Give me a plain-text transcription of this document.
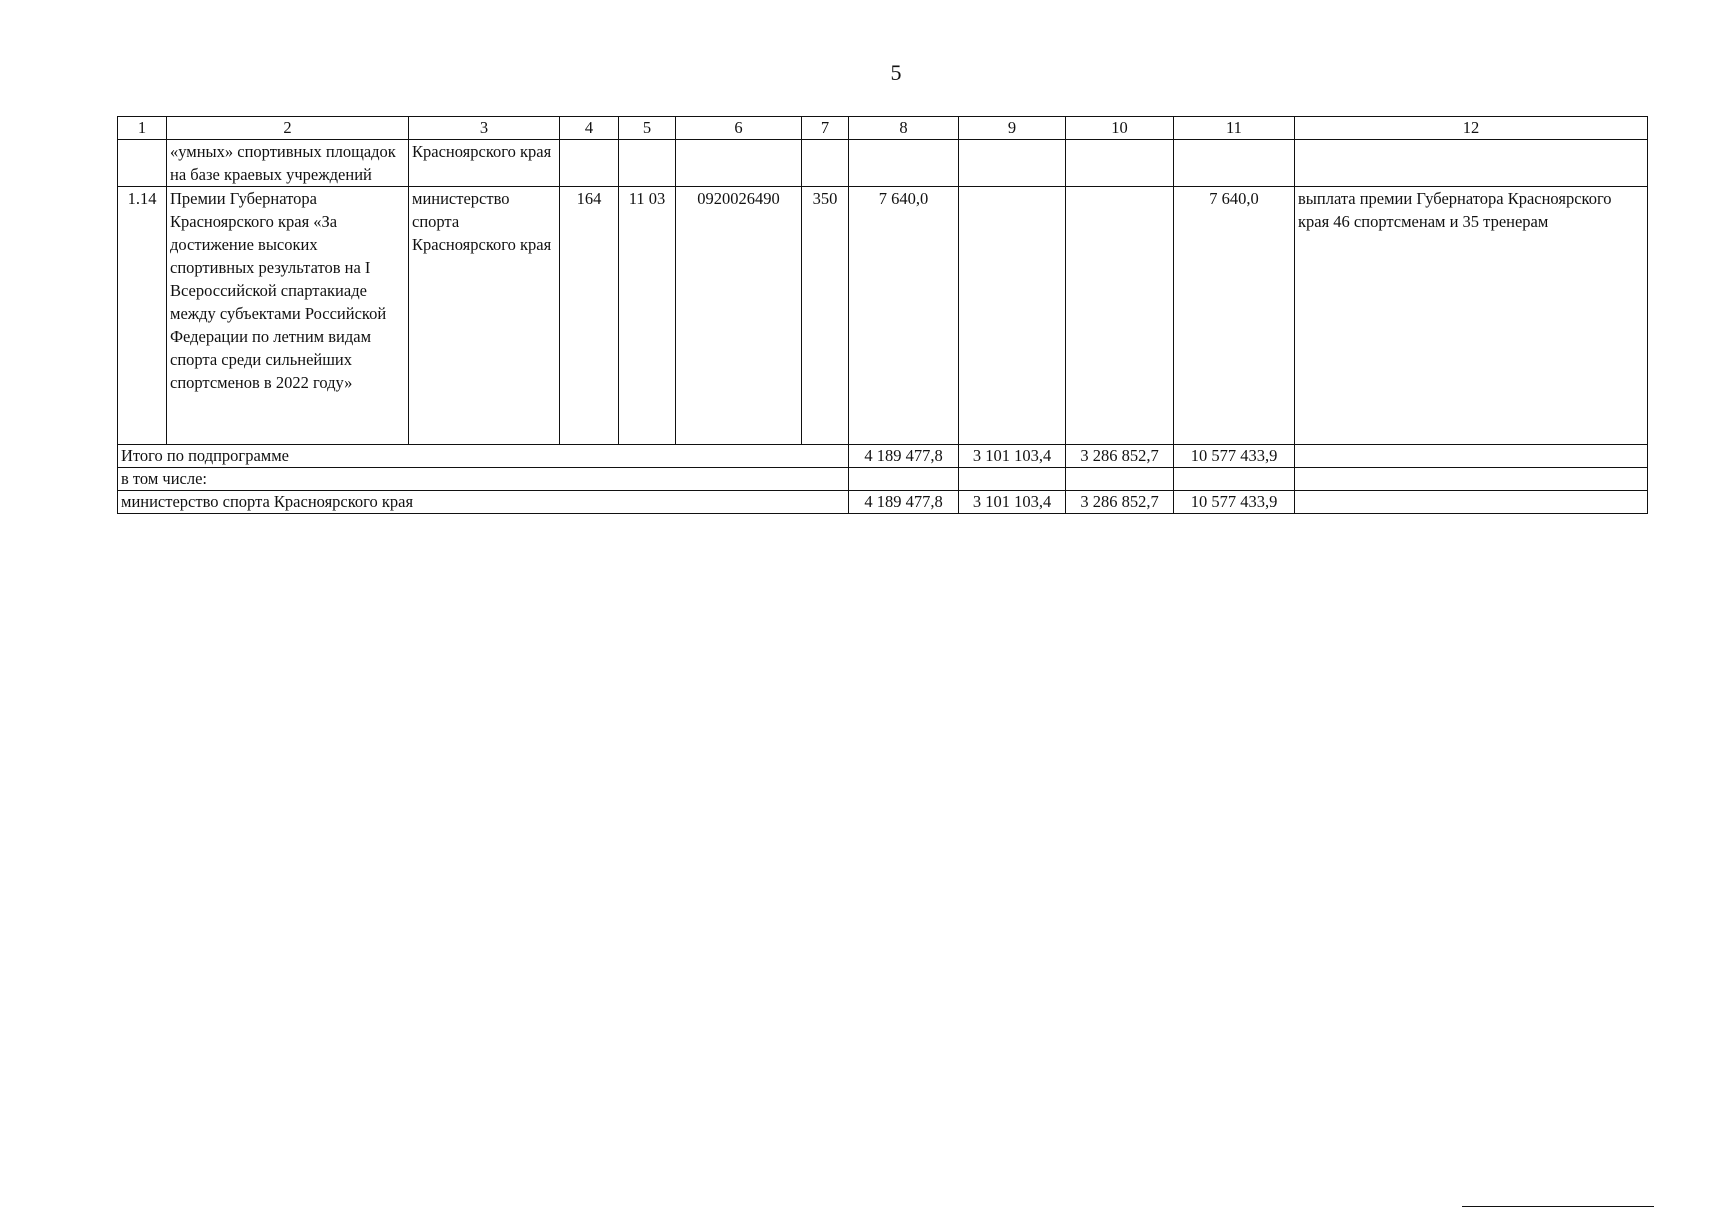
5
1	2	3	4	5	6	7	8	9	10	11	12
	«умных» спортивных площадок на базе краевых учреждений	Красноярского края									
1.14	Премии Губернатора Красноярского края «За достижение высоких спортивных результатов на I Всероссийской спартакиаде между субъектами Российской Федерации по летним видам спорта среди сильнейших спортсменов в 2022 году»	министерство спорта Красноярского края	164	11 03	0920026490	350	7 640,0			7 640,0	выплата премии Губернатора Красноярского края 46 спортсменам и 35 тренерам
Итого по подпрограмме							4 189 477,8	3 101 103,4	3 286 852,7	10 577 433,9	
в том числе:											
министерство спорта Красноярского края							4 189 477,8	3 101 103,4	3 286 852,7	10 577 433,9	
